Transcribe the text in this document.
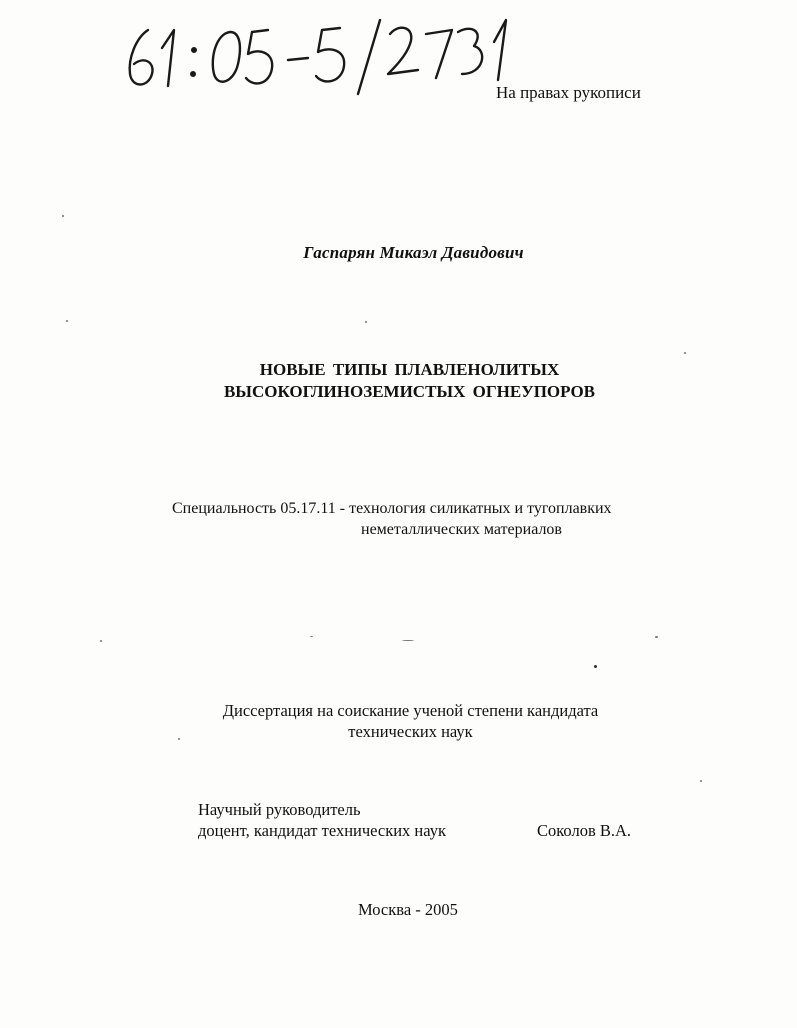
На правах рукописи
Гаспарян Микаэл Давидович
НОВЫЕ ТИПЫ ПЛАВЛЕНОЛИТЫХ
ВЫСОКОГЛИНОЗЕМИСТЫХ ОГНЕУПОРОВ
Специальность 05.17.11 - технология силикатных и тугоплавких
неметаллических материалов
Диссертация на соискание ученой степени кандидата
технических наук
Научный руководитель
доцент, кандидат технических наук	Соколов В.А.
Москва - 2005
